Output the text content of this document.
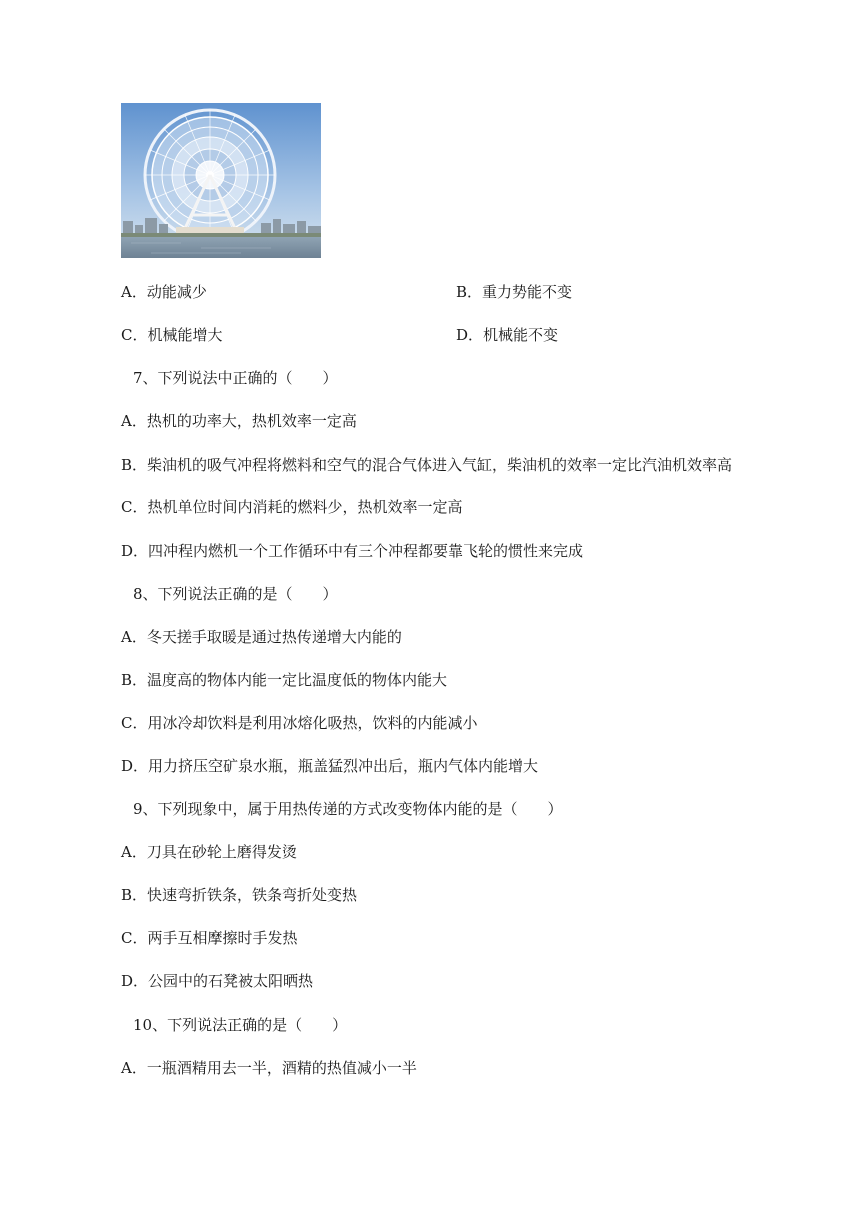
A．动能减少	B．重力势能不变
C．机械能增大	D．机械能不变
7、下列说法中正确的（　　）
A．热机的功率大，热机效率一定高
B．柴油机的吸气冲程将燃料和空气的混合气体进入气缸，柴油机的效率一定比汽油机效率高
C．热机单位时间内消耗的燃料少，热机效率一定高
D．四冲程内燃机一个工作循环中有三个冲程都要靠飞轮的惯性来完成
8、下列说法正确的是（　　）
A．冬天搓手取暖是通过热传递增大内能的
B．温度高的物体内能一定比温度低的物体内能大
C．用冰冷却饮料是利用冰熔化吸热，饮料的内能减小
D．用力挤压空矿泉水瓶，瓶盖猛烈冲出后，瓶内气体内能增大
9、下列现象中，属于用热传递的方式改变物体内能的是（　　）
A．刀具在砂轮上磨得发烫
B．快速弯折铁条，铁条弯折处变热
C．两手互相摩擦时手发热
D．公园中的石凳被太阳晒热
10、下列说法正确的是（　　）
A．一瓶酒精用去一半，酒精的热值减小一半
